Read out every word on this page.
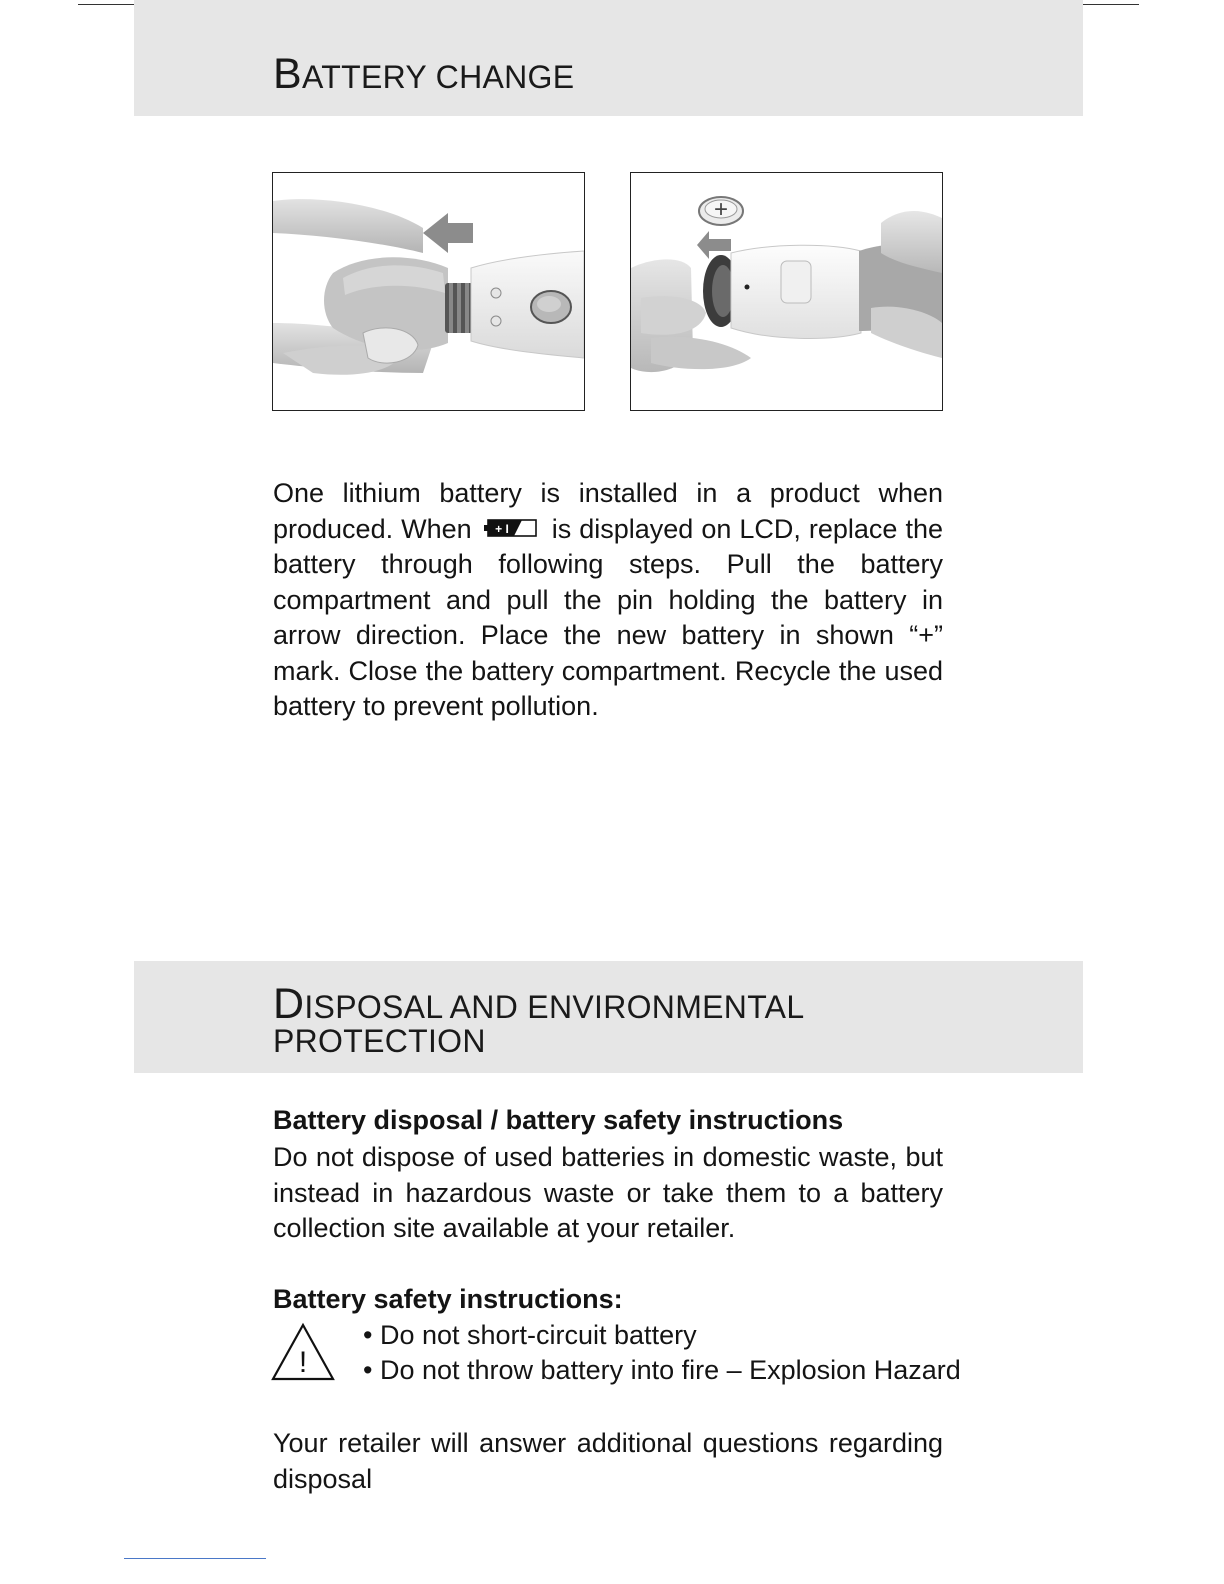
BATTERY CHANGE
+
One lithium battery is installed in a product when produced. When + I is displayed on LCD, replace the battery through following steps. Pull the battery compartment and pull the pin holding the battery in arrow direction. Place the new battery in shown “+” mark. Close the battery compartment. Recycle the used battery to prevent pollution.
DISPOSAL AND ENVIRONMENTAL
PROTECTION
Battery disposal / battery safety instructions
Do not dispose of used batteries in domestic waste, but instead in hazardous waste or take them to a battery collection site available at your retailer.
Battery safety instructions:
!
• Do not short-circuit battery
• Do not throw battery into fire – Explosion Hazard
Your retailer will answer additional questions regarding disposal
